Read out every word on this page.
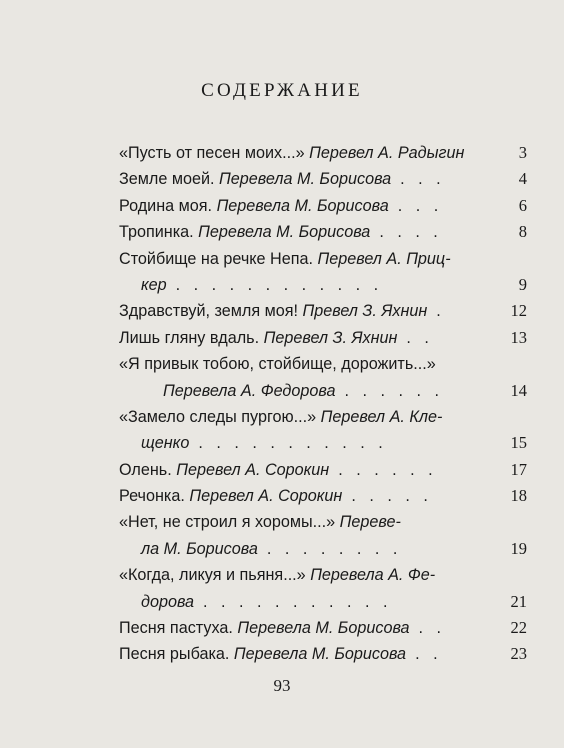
СОДЕРЖАНИЕ
«Пусть от песен моих...» Перевел А. Радыгин	3
Земле моей. Перевела М. Борисова . . .	4
Родина моя. Перевела М. Борисова . . .	6
Тропинка. Перевела М. Борисова . . . .	8
Стойбище на речке Непа. Перевел А. Приц-
кер . . . . . . . . . . . .	9
Здравствуй, земля моя! Превел З. Яхнин .	12
Лишь гляну вдаль. Перевел З. Яхнин . .	13
«Я привык тобою, стойбище, дорожить...»
Перевела А. Федорова . . . . . .	14
«Замело следы пургою...» Перевел А. Кле-
щенко . . . . . . . . . . .	15
Олень. Перевел А. Сорокин . . . . . .	17
Речонка. Перевел А. Сорокин . . . . .	18
«Нет, не строил я хоромы...» Переве-
ла М. Борисова . . . . . . . .	19
«Когда, ликуя и пьяня...» Перевела А. Фе-
дорова . . . . . . . . . . .	21
Песня пастуха. Перевела М. Борисова . .	22
Песня рыбака. Перевела М. Борисова . .	23
93
